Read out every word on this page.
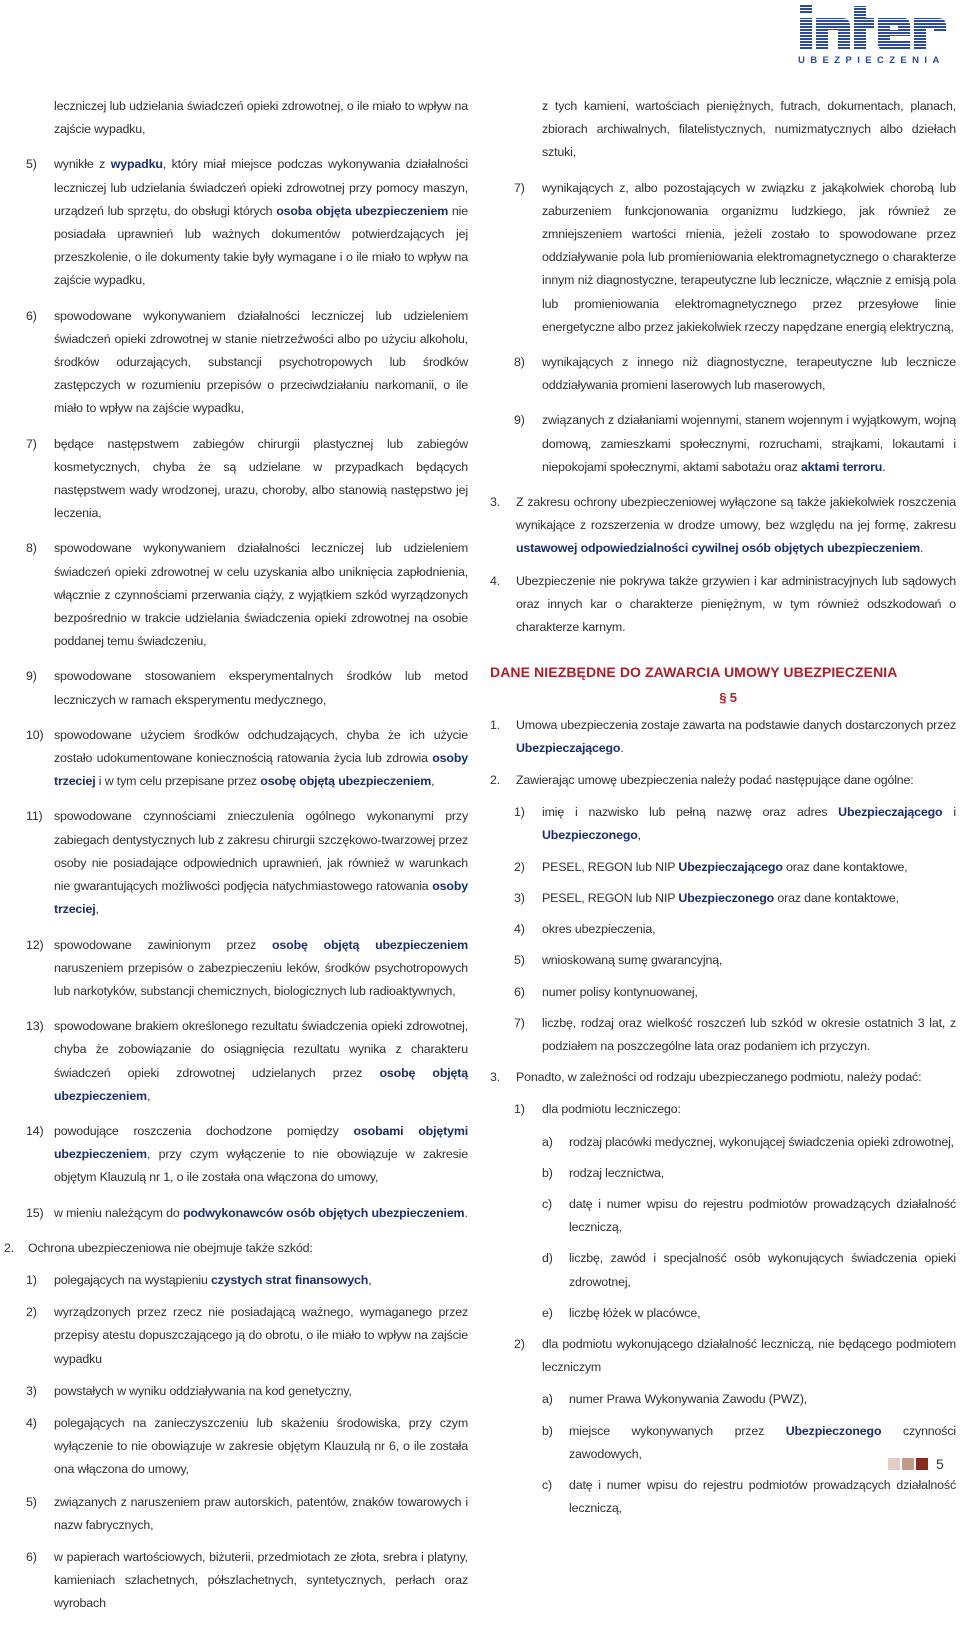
UBEZPIECZENIA
leczniczej lub udzielania świadczeń opieki zdrowotnej, o ile miało to wpływ na zajście wypadku,
5)	wynikłe z wypadku, który miał miejsce podczas wykonywania działalności leczniczej lub udzielania świadczeń opieki zdrowotnej przy pomocy maszyn, urządzeń lub sprzętu, do obsługi których osoba objęta ubezpieczeniem nie posiadała uprawnień lub ważnych dokumentów potwierdzających jej przeszkolenie, o ile dokumenty takie były wymagane i o ile miało to wpływ na zajście wypadku,
6)	spowodowane wykonywaniem działalności leczniczej lub udzieleniem świadczeń opieki zdrowotnej w stanie nietrzeźwości albo po użyciu alkoholu, środków odurzających, substancji psychotropowych lub środków zastępczych w rozumieniu przepisów o przeciwdziałaniu narkomanii, o ile miało to wpływ na zajście wypadku,
7)	będące następstwem zabiegów chirurgii plastycznej lub zabiegów kosmetycznych, chyba że są udzielane w przypadkach będących następstwem wady wrodzonej, urazu, choroby, albo stanowią następstwo jej leczenia,
8)	spowodowane wykonywaniem działalności leczniczej lub udzieleniem świadczeń opieki zdrowotnej w celu uzyskania albo uniknięcia zapłodnienia, włącznie z czynnościami przerwania ciąży, z wyjątkiem szkód wyrządzonych bezpośrednio w trakcie udzielania świadczenia opieki zdrowotnej na osobie poddanej temu świadczeniu,
9)	spowodowane stosowaniem eksperymentalnych środków lub metod leczniczych w ramach eksperymentu medycznego,
10) spowodowane użyciem środków odchudzających, chyba że ich użycie zostało udokumentowane koniecznością ratowania życia lub zdrowia osoby trzeciej i w tym celu przepisane przez osobę objętą ubezpieczeniem,
11) spowodowane czynnościami znieczulenia ogólnego wykonanymi przy zabiegach dentystycznych lub z zakresu chirurgii szczękowo-twarzowej przez osoby nie posiadające odpowiednich uprawnień, jak również w warunkach nie gwarantujących możliwości podjęcia natychmiastowego ratowania osoby trzeciej,
12) spowodowane zawinionym przez osobę objętą ubezpieczeniem naruszeniem przepisów o zabezpieczeniu leków, środków psychotropowych lub narkotyków, substancji chemicznych, biologicznych lub radioaktywnych,
13) spowodowane brakiem określonego rezultatu świadczenia opieki zdrowotnej, chyba że zobowiązanie do osiągnięcia rezultatu wynika z charakteru świadczeń opieki zdrowotnej udzielanych przez osobę objętą ubezpieczeniem,
14) powodujące roszczenia dochodzone pomiędzy osobami objętymi ubezpieczeniem, przy czym wyłączenie to nie obowiązuje w zakresie objętym Klauzulą nr 1, o ile została ona włączona do umowy,
15) w mieniu należącym do podwykonawców osób objętych ubezpieczeniem.
2.	Ochrona ubezpieczeniowa nie obejmuje także szkód:
1)	polegających na wystąpieniu czystych strat finansowych,
2)	wyrządzonych przez rzecz nie posiadającą ważnego, wymaganego przez przepisy atestu dopuszczającego ją do obrotu, o ile miało to wpływ na zajście wypadku
3)	powstałych w wyniku oddziaływania na kod genetyczny,
4)	polegających na zanieczyszczeniu lub skażeniu środowiska, przy czym wyłączenie to nie obowiązuje w zakresie objętym Klauzulą nr 6, o ile została ona włączona do umowy,
5)	związanych z naruszeniem praw autorskich, patentów, znaków towarowych i nazw fabrycznych,
6)	w papierach wartościowych, biżuterii, przedmiotach ze złota, srebra i platyny, kamieniach szlachetnych, półszlachetnych, syntetycznych, perłach oraz wyrobach
z tych kamieni, wartościach pieniężnych, futrach, dokumentach, planach, zbiorach archiwalnych, filatelistycznych, numizmatycznych albo dziełach sztuki,
7)	wynikających z, albo pozostających w związku z jakąkolwiek chorobą lub zaburzeniem funkcjonowania organizmu ludzkiego, jak również ze zmniejszeniem wartości mienia, jeżeli zostało to spowodowane przez oddziaływanie pola lub promieniowania elektromagnetycznego o charakterze innym niż diagnostyczne, terapeutyczne lub lecznicze, włącznie z emisją pola lub promieniowania elektromagnetycznego przez przesyłowe linie energetyczne albo przez jakiekolwiek rzeczy napędzane energią elektryczną,
8)	wynikających z innego niż diagnostyczne, terapeutyczne lub lecznicze oddziaływania promieni laserowych lub maserowych,
9)	związanych z działaniami wojennymi, stanem wojennym i wyjątkowym, wojną domową, zamieszkami społecznymi, rozruchami, strajkami, lokautami i niepokojami społecznymi, aktami sabotażu oraz aktami terroru.
3.	Z zakresu ochrony ubezpieczeniowej wyłączone są także jakiekolwiek roszczenia wynikające z rozszerzenia w drodze umowy, bez względu na jej formę, zakresu ustawowej odpowiedzialności cywilnej osób objętych ubezpieczeniem.
4.	Ubezpieczenie nie pokrywa także grzywien i kar administracyjnych lub sądowych oraz innych kar o charakterze pieniężnym, w tym również odszkodowań o charakterze karnym.
DANE NIEZBĘDNE DO ZAWARCIA UMOWY UBEZPIECZENIA
§ 5
1.	Umowa ubezpieczenia zostaje zawarta na podstawie danych dostarczonych przez Ubezpieczającego.
2.	Zawierając umowę ubezpieczenia należy podać następujące dane ogólne:
1)	imię i nazwisko lub pełną nazwę oraz adres Ubezpieczającego i Ubezpieczonego,
2)	PESEL, REGON lub NIP Ubezpieczającego oraz dane kontaktowe,
3)	PESEL, REGON lub NIP Ubezpieczonego oraz dane kontaktowe,
4)	okres ubezpieczenia,
5)	wnioskowaną sumę gwarancyjną,
6)	numer polisy kontynuowanej,
7)	liczbę, rodzaj oraz wielkość roszczeń lub szkód w okresie ostatnich 3 lat, z podziałem na poszczególne lata oraz podaniem ich przyczyn.
3.	Ponadto, w zależności od rodzaju ubezpieczanego podmiotu, należy podać:
1)	dla podmiotu leczniczego:
a)	rodzaj placówki medycznej, wykonującej świadczenia opieki zdrowotnej,
b)	rodzaj lecznictwa,
c)	datę i numer wpisu do rejestru podmiotów prowadzących działalność leczniczą,
d)	liczbę, zawód i specjalność osób wykonujących świadczenia opieki zdrowotnej,
e)	liczbę łóżek w placówce,
2)	dla podmiotu wykonującego działalność leczniczą, nie będącego podmiotem leczniczym
a)	numer Prawa Wykonywania Zawodu (PWZ),
b)	miejsce wykonywanych przez Ubezpieczonego czynności zawodowych,
c)	datę i numer wpisu do rejestru podmiotów prowadzących działalność leczniczą,
5
